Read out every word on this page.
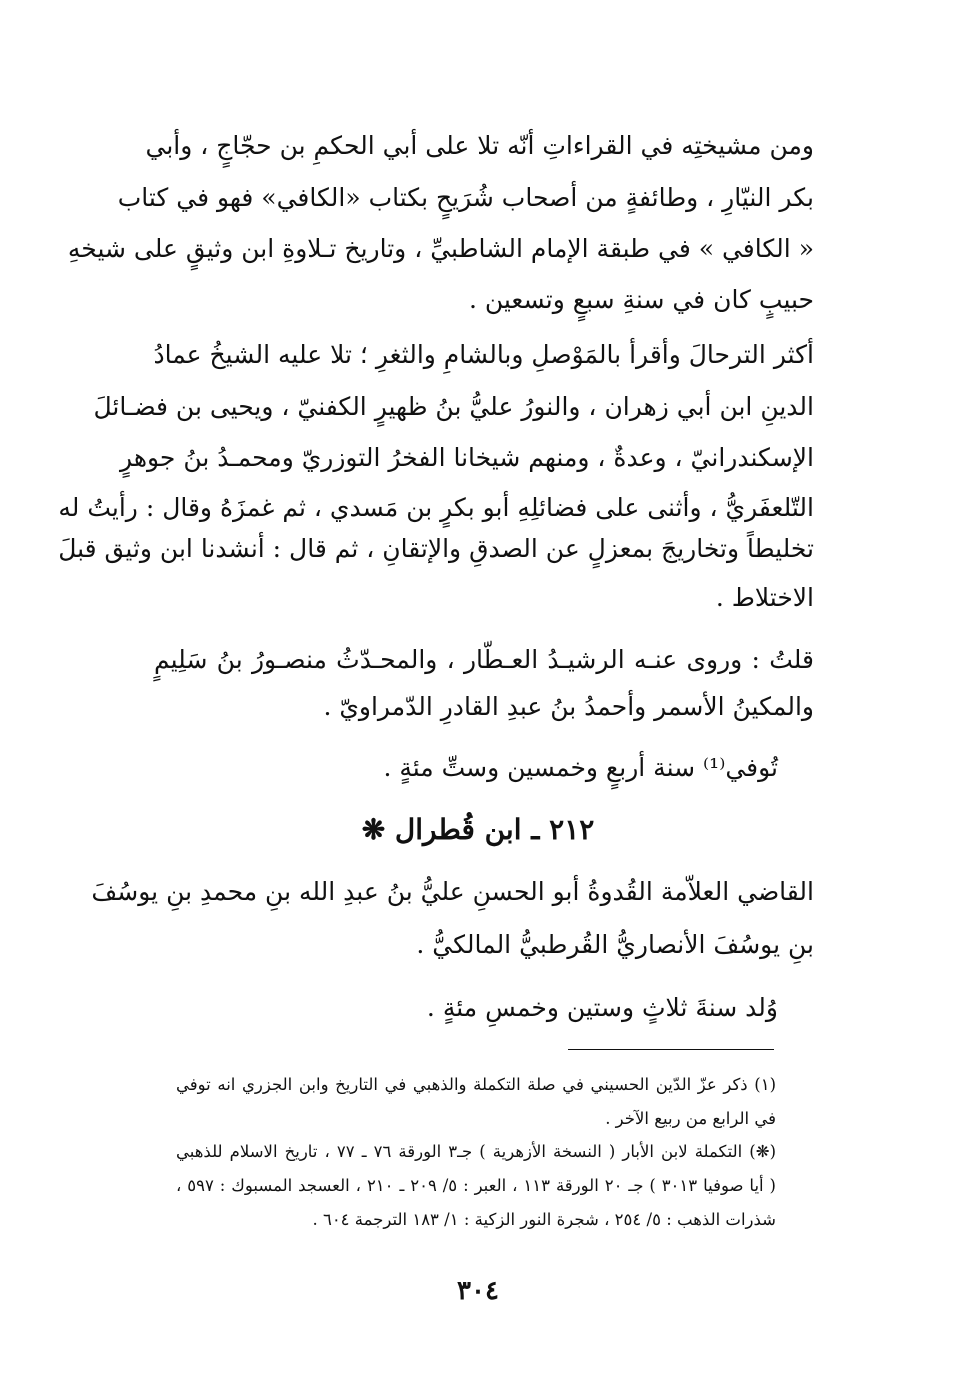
ومن مشيختِه في القراءاتِ أنّه تلا على أبي الحكمِ بن حجّاجٍ ، وأبي
بكر النيّارِ ، وطائفةٍ من أصحاب شُرَيحٍ بكتاب «الكافي» فهو في كتاب
« الكافي » في طبقة الإمام الشاطبيِّ ، وتاريخ تـلاوةِ ابن وثيقٍ على شيخهِ
حبيبٍ كان في سنةِ سبعٍ وتسعين .
أكثر الترحالَ وأقرأ بالمَوْصلِ وبالشامِ والثغرِ ؛ تلا عليه الشيخُ عمادُ
الدينِ ابن أبي زهران ، والنورُ عليُّ بنُ ظهيرٍ الكفنيّ ، ويحيى بن فضـائلَ
الإسكندرانيّ ، وعدةٌ ، ومنهم شيخانا الفخرُ التوزريّ ومحمـدُ بنُ جوهرٍ
التّلعفَريُّ ، وأثنى على فضائلِهِ أبو بكرٍ بن مَسدي ، ثم غمزَهُ وقال : رأيتُ له
تخليطاً وتخاريجَ بمعزلٍ عن الصدقِ والإتقانِ ، ثم قال : أنشدنا ابن وثيق قبلَ
الاختلاط .
قلتُ : وروى عنـه الرشيـدُ العـطّار ، والمحـدّثُ منصـورُ بنُ سَلِيمٍ
والمكينُ الأسمر وأحمدُ بنُ عبدِ القادرِ الدّمراويّ .
تُوفي⁽¹⁾ سنة أربعٍ وخمسين وستِّ مئةٍ .
٢١٢ ـ ابن قُطرال ❋
القاضي العلاّمة القُدوةُ أبو الحسنِ عليُّ بنُ عبدِ الله بنِ محمدِ بنِ يوسُفَ
بنِ يوسُفَ الأنصاريُّ القُرطبيُّ المالكيُّ .
وُلد سنةَ ثلاثٍ وستين وخمسِ مئةٍ .
(١) ذكر عزّ الدّين الحسيني في صلة التكملة والذهبي في التاريخ وابن الجزري انه توفي
في الرابع من ربيع الآخر .
(❋) التكملة لابن الأبار ( النسخة الأزهرية ) جـ٣ الورقة ٧٦ ـ ٧٧ ، تاريخ الاسلام للذهبي
( أيا صوفيا ٣٠١٣ ) جـ ٢٠ الورقة ١١٣ ، العبر : ٥/ ٢٠٩ ـ ٢١٠ ، العسجد المسبوك : ٥٩٧ ،
شذرات الذهب : ٥/ ٢٥٤ ، شجرة النور الزكية : ١/ ١٨٣ الترجمة ٦٠٤ .
٣٠٤
